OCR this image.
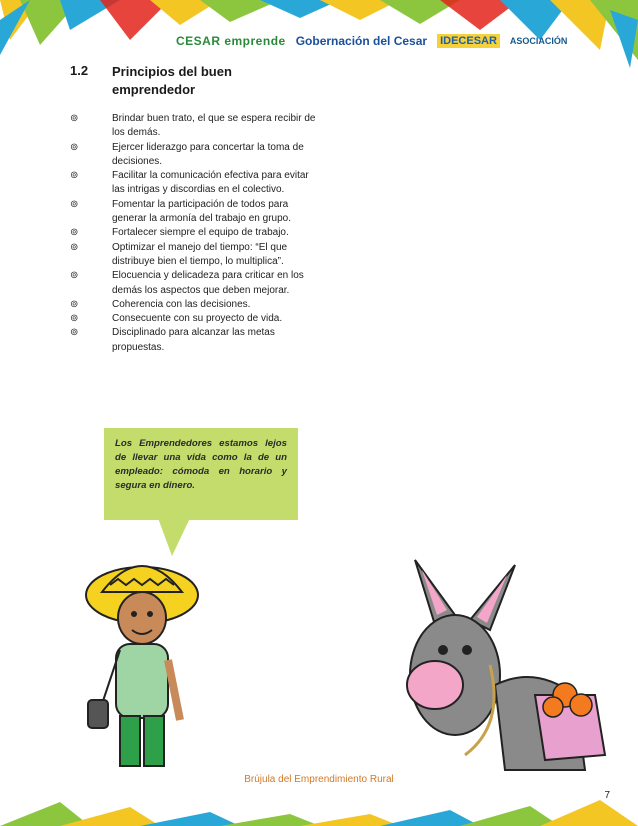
CESAR emprende Gobernación del Cesar IDECESAR	ASOCIACIÓN
1.2 Principios del buen emprendedor
⊚	Brindar buen trato, el que se espera recibir de los demás.
⊚	Ejercer liderazgo para concertar la toma de decisiones.
⊚	Facilitar la comunicación efectiva para evitar las intrigas y discordias en el colectivo.
⊚	Fomentar la participación de todos para generar la armonía del trabajo en grupo.
⊚	Fortalecer siempre el equipo de trabajo.
⊚	Optimizar el manejo del tiempo: “El que distribuye bien el tiempo, lo multiplica”.
⊚	Elocuencia y delicadeza para criticar en los demás los aspectos que deben mejorar.
⊚	Coherencia con las decisiones.
⊚	Consecuente con su proyecto de vida.
⊚	Disciplinado para alcanzar las metas propuestas.
Los Emprendedores estamos lejos de llevar una vida como la de un empleado: cómoda en horario y segura en dinero.
Brújula del Emprendimiento Rural
7
